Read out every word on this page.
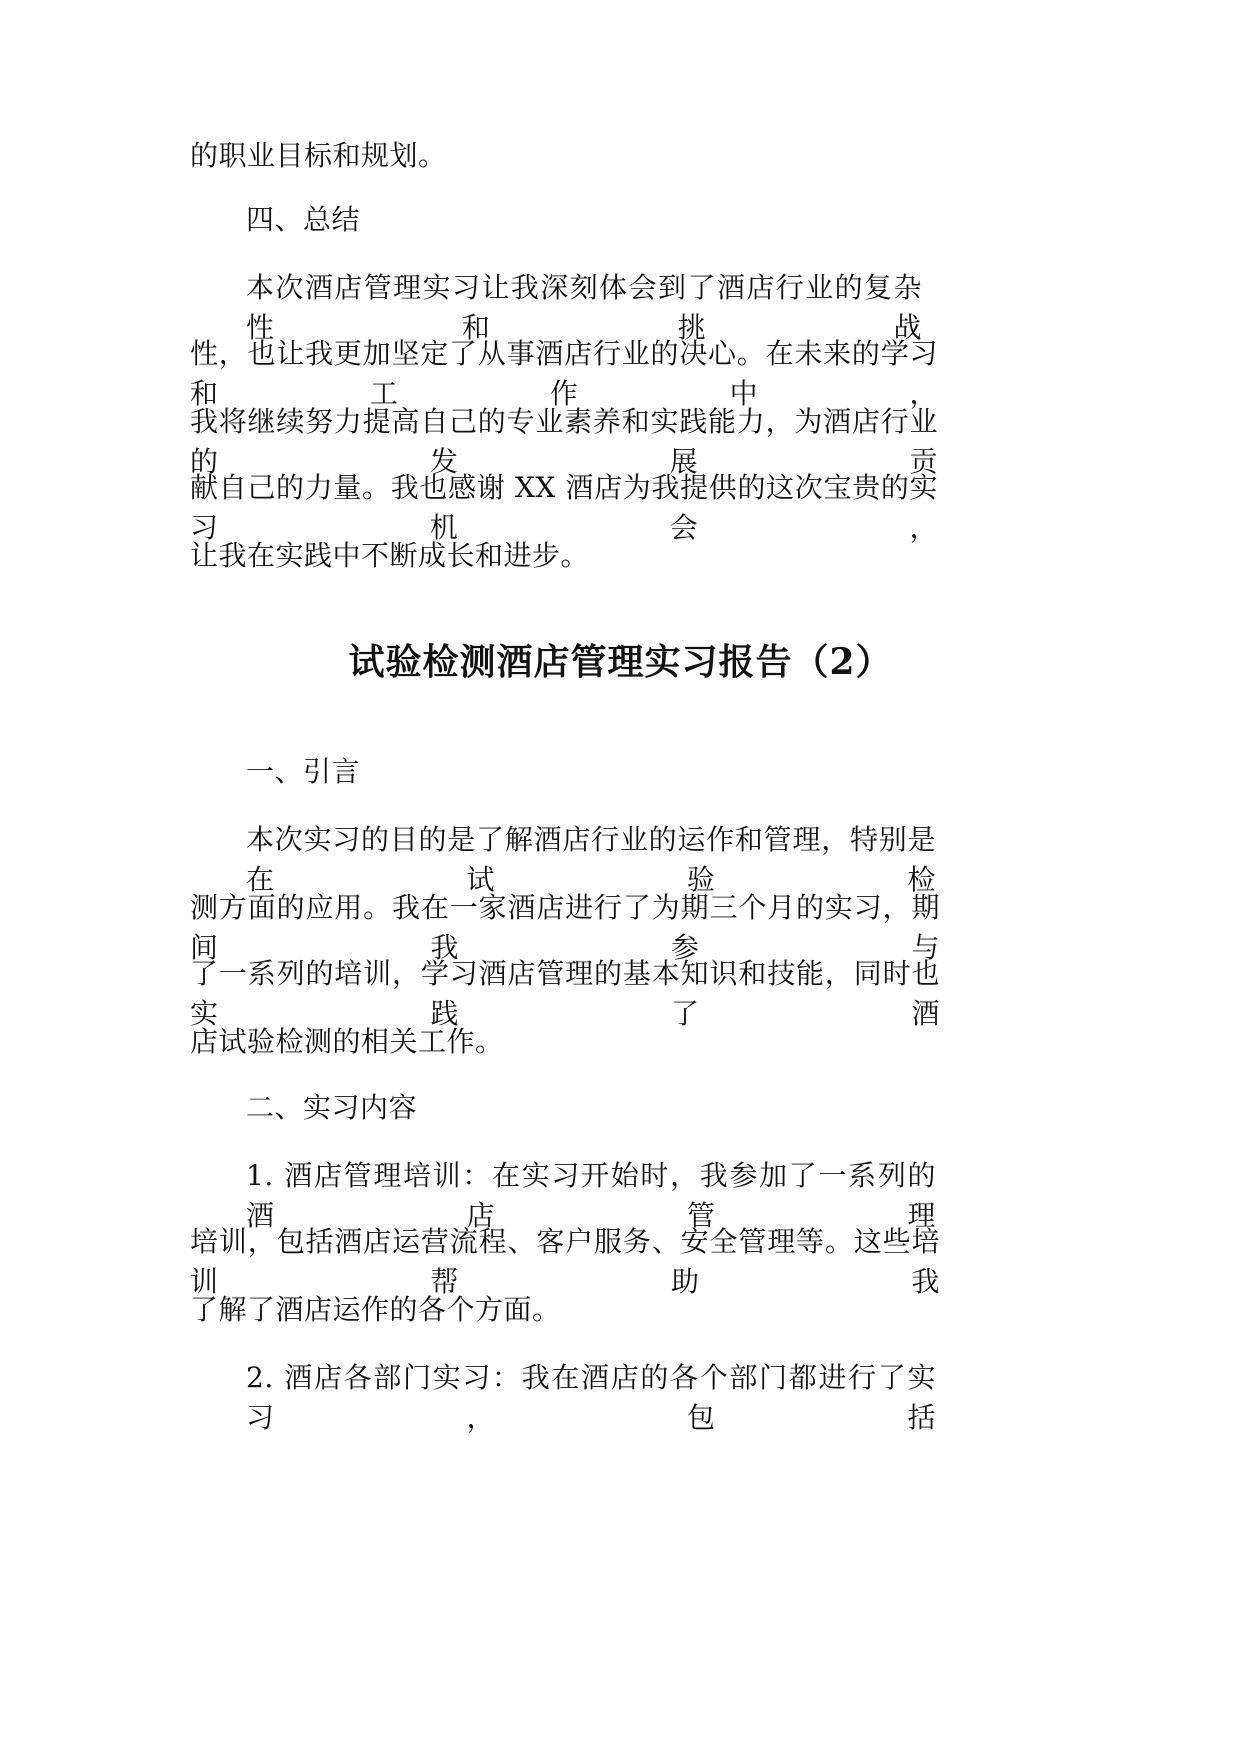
的职业目标和规划。
四、总结
本次酒店管理实习让我深刻体会到了酒店行业的复杂性和挑战
性，也让我更加坚定了从事酒店行业的决心。在未来的学习和工作中，
我将继续努力提高自己的专业素养和实践能力，为酒店行业的发展贡
献自己的力量。我也感谢 XX 酒店为我提供的这次宝贵的实习机会，
让我在实践中不断成长和进步。
试验检测酒店管理实习报告（2）
一、引言
本次实习的目的是了解酒店行业的运作和管理，特别是在试验检
测方面的应用。我在一家酒店进行了为期三个月的实习，期间我参与
了一系列的培训，学习酒店管理的基本知识和技能，同时也实践了酒
店试验检测的相关工作。
二、实习内容
1. 酒店管理培训：在实习开始时，我参加了一系列的酒店管理
培训，包括酒店运营流程、客户服务、安全管理等。这些培训帮助我
了解了酒店运作的各个方面。
2. 酒店各部门实习：我在酒店的各个部门都进行了实习，包括
